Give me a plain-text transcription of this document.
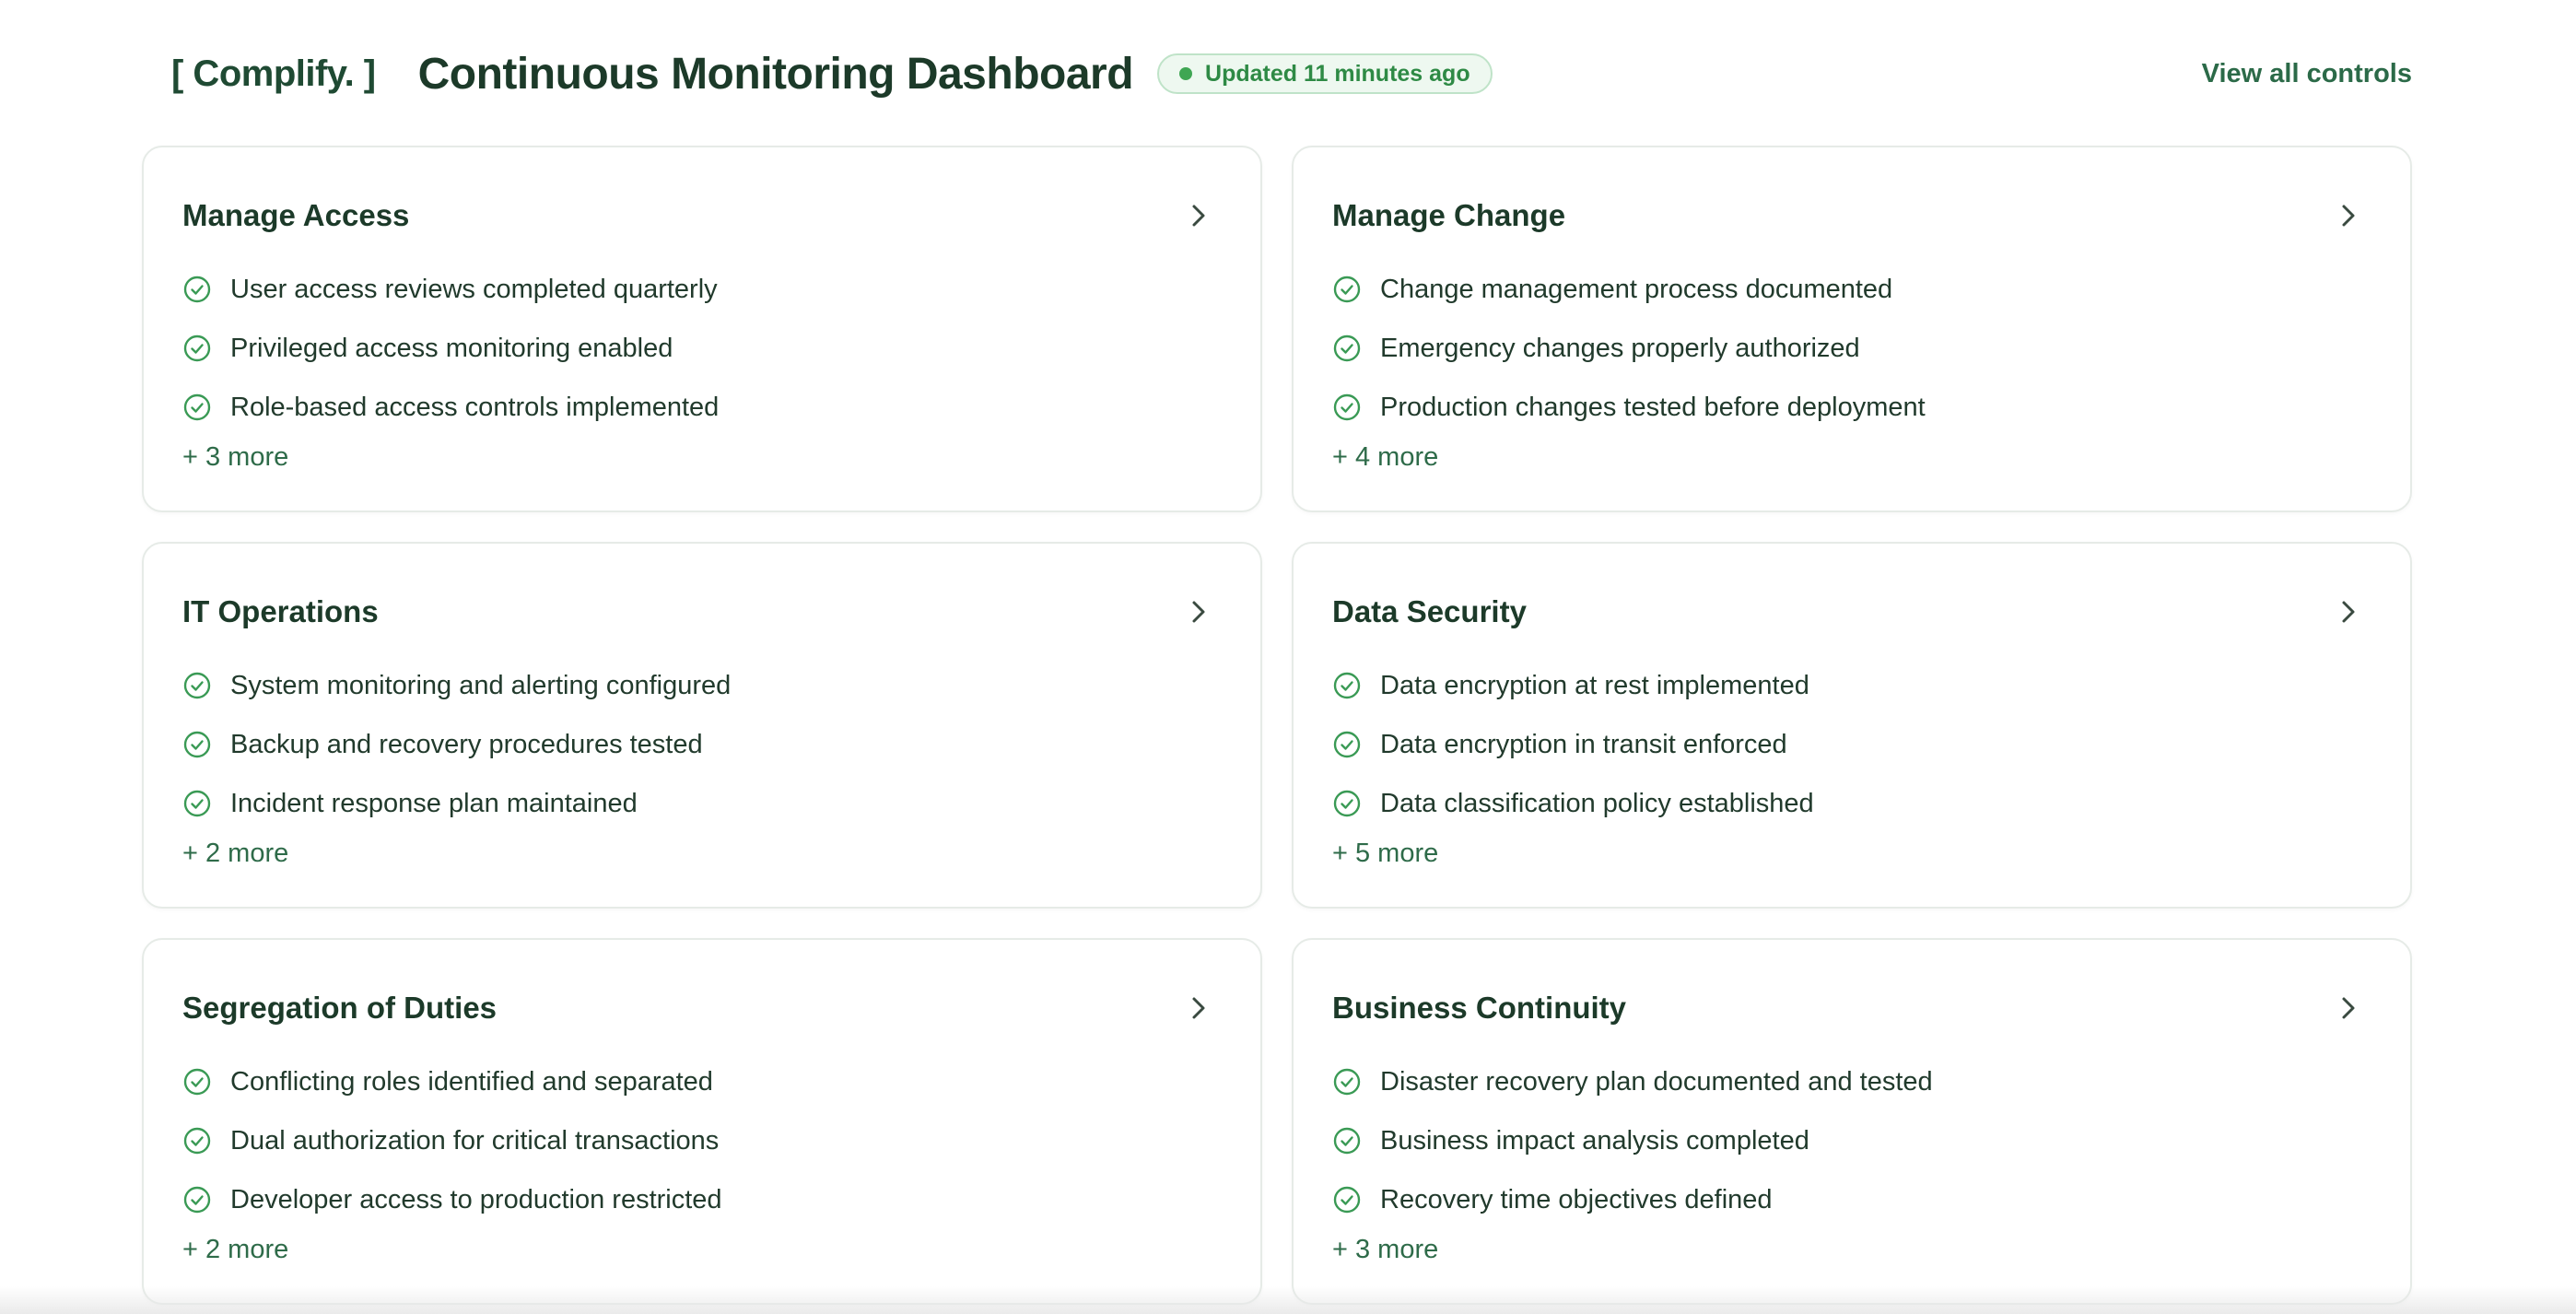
[ Complify. ] Continuous Monitoring Dashboard	Updated 11 minutes ago	View all controls
Manage Access
User access reviews completed quarterly
Privileged access monitoring enabled
Role-based access controls implemented
+ 3 more
Manage Change
Change management process documented
Emergency changes properly authorized
Production changes tested before deployment
+ 4 more
IT Operations
System monitoring and alerting configured
Backup and recovery procedures tested
Incident response plan maintained
+ 2 more
Data Security
Data encryption at rest implemented
Data encryption in transit enforced
Data classification policy established
+ 5 more
Segregation of Duties
Conflicting roles identified and separated
Dual authorization for critical transactions
Developer access to production restricted
+ 2 more
Business Continuity
Disaster recovery plan documented and tested
Business impact analysis completed
Recovery time objectives defined
+ 3 more
